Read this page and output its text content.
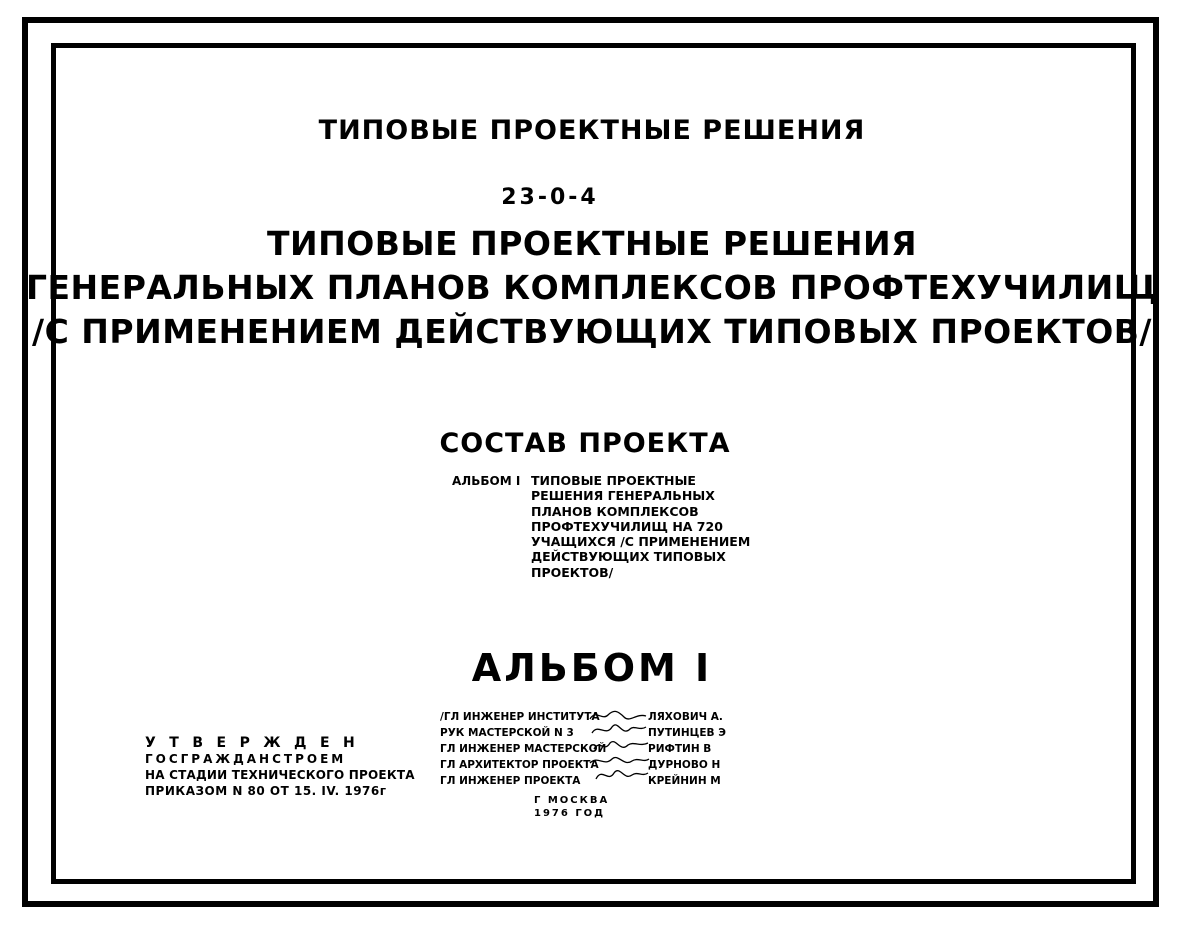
ТИПОВЫЕ ПРОЕКТНЫЕ РЕШЕНИЯ
23-0-4
ТИПОВЫЕ ПРОЕКТНЫЕ РЕШЕНИЯ
ГЕНЕРАЛЬНЫХ ПЛАНОВ КОМПЛЕКСОВ ПРОФТЕХУЧИЛИЩ
/С ПРИМЕНЕНИЕМ ДЕЙСТВУЮЩИХ ТИПОВЫХ ПРОЕКТОВ/
СОСТАВ ПРОЕКТА
АЛЬБОМ I ТИПОВЫЕ ПРОЕКТНЫЕ
РЕШЕНИЯ ГЕНЕРАЛЬНЫХ
ПЛАНОВ КОМПЛЕКСОВ
ПРОФТЕХУЧИЛИЩ НА 720
УЧАЩИХСЯ /С ПРИМЕНЕНИЕМ
ДЕЙСТВУЮЩИХ ТИПОВЫХ
ПРОЕКТОВ/
АЛЬБОМ I
УТВЕРЖДЕН
ГОСГРАЖДАНСТРОЕМ
НА СТАДИИ ТЕХНИЧЕСКОГО ПРОЕКТА
ПРИКАЗОМ N 80 ОТ 15. IV. 1976г
/ГЛ ИНЖЕНЕР ИНСТИТУТА	ЛЯХОВИЧ А.
РУК МАСТЕРСКОЙ N 3	ПУТИНЦЕВ Э
ГЛ ИНЖЕНЕР МАСТЕРСКОЙ	РИФТИН В
ГЛ АРХИТЕКТОР ПРОЕКТА	ДУРНОВО Н
ГЛ ИНЖЕНЕР ПРОЕКТА	КРЕЙНИН М
Г МОСКВА
1976 ГОД
